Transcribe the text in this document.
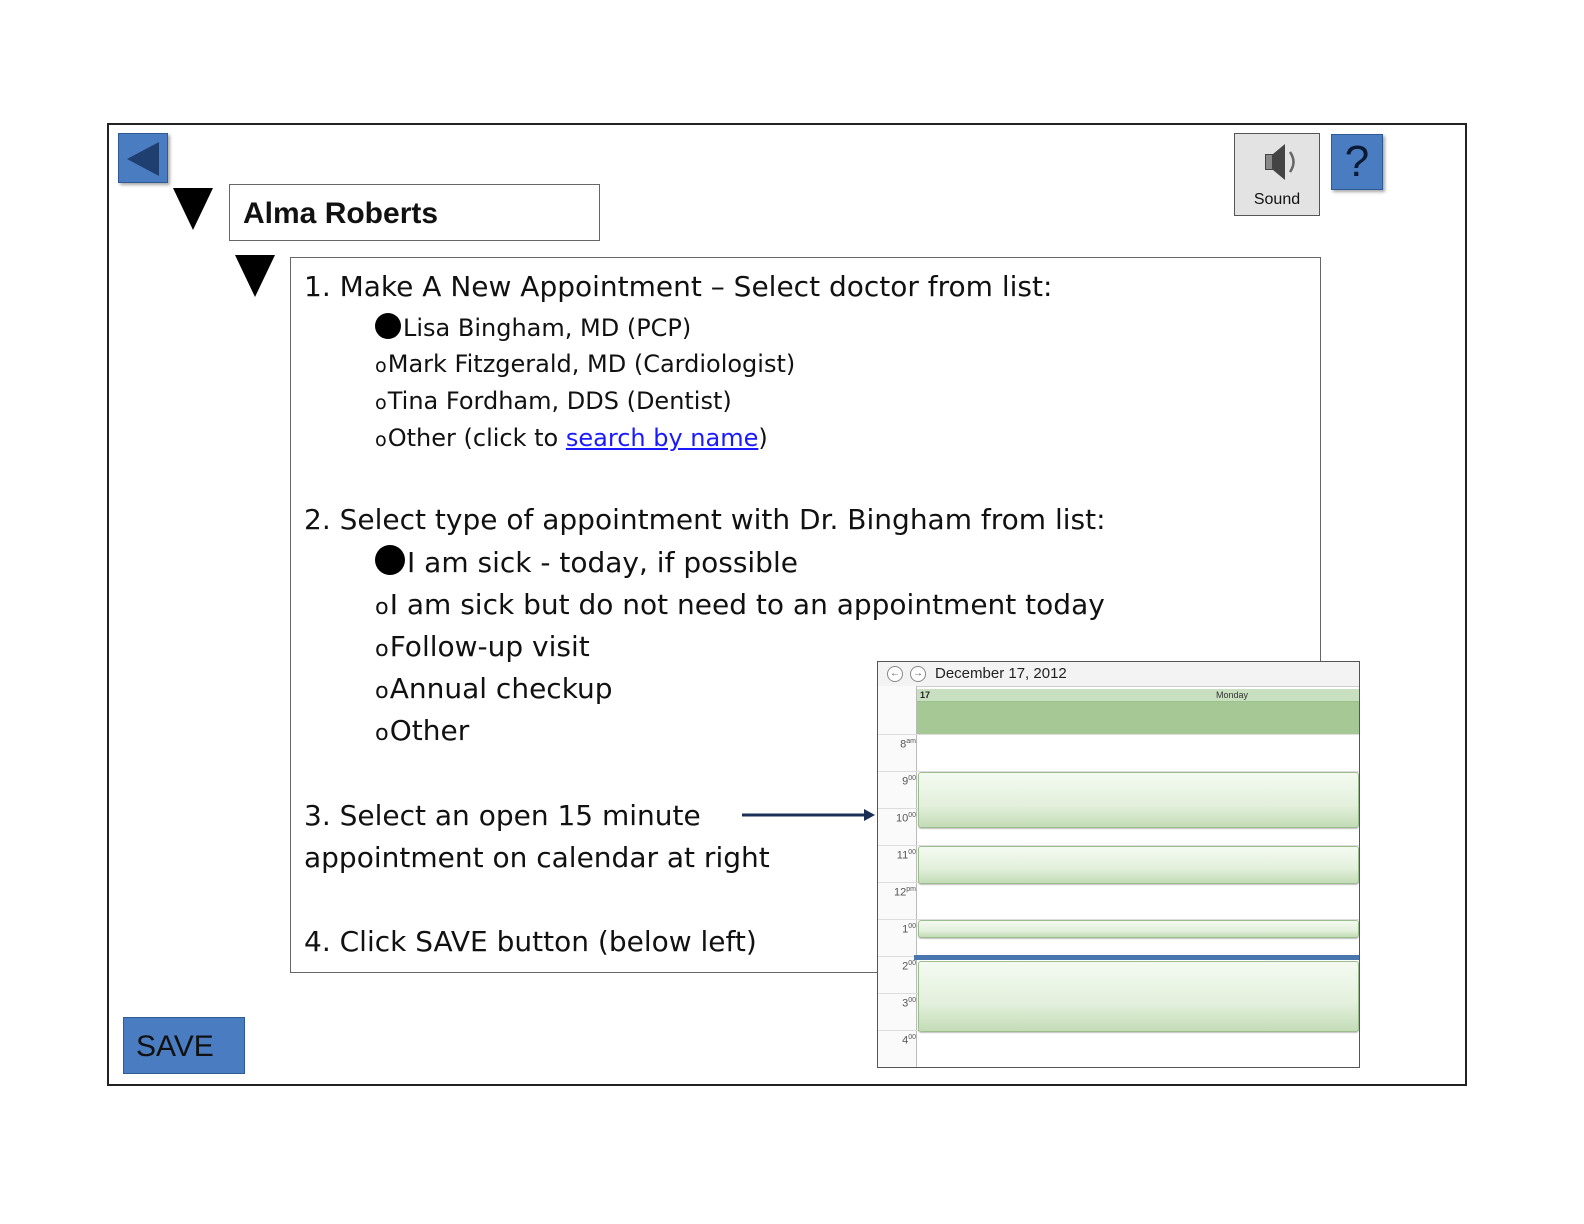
Alma Roberts	Sound
?
1. Make A New Appointment – Select doctor from list:
Lisa Bingham, MD (PCP)
oMark Fitzgerald, MD (Cardiologist)
oTina Fordham, DDS (Dentist)
oOther (click to search by name)
2. Select type of appointment with Dr. Bingham from list:
I am sick - today, if possible
oI am sick but do not need to an appointment today
oFollow-up visit
oAnnual checkup
oOther
3. Select an open 15 minute
appointment on calendar at right
4. Click SAVE button (below left)
SAVE
←	→ December 17, 2012
17	Monday
$8^{am}$
$9^{00}$
$10^{00}$
$11^{00}$
$12^{pm}$
$1^{00}$
$2^{00}$
$3^{00}$
$4^{00}$
